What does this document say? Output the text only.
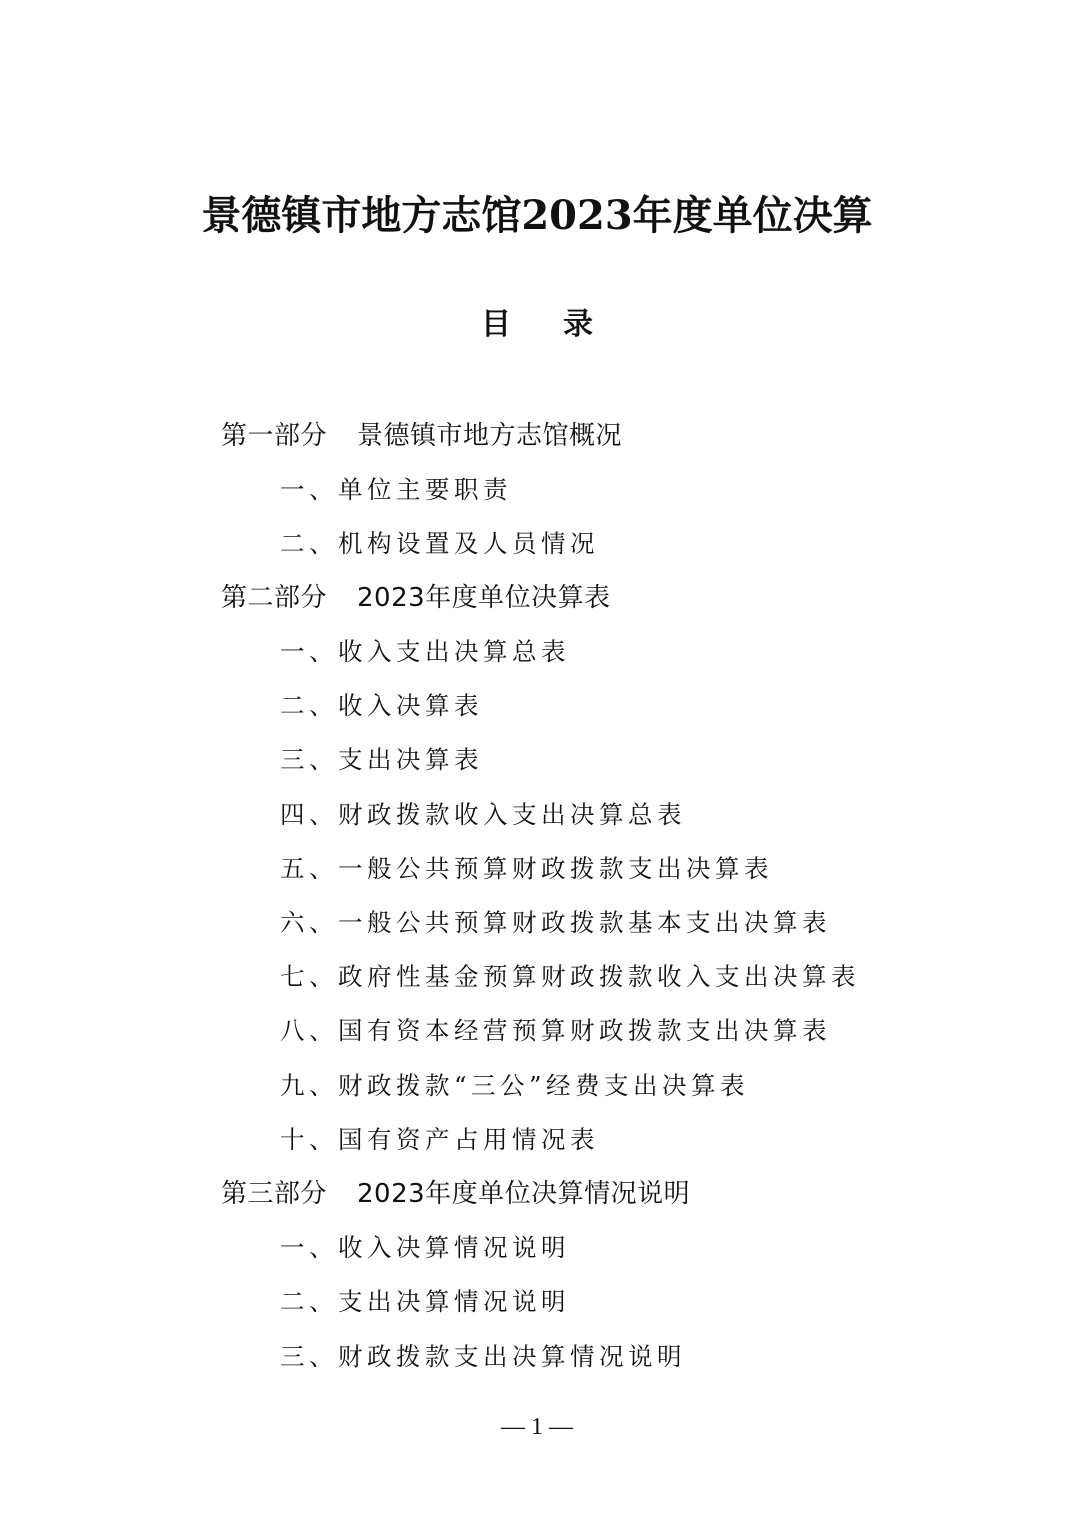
景德镇市地方志馆2023年度单位决算
目录
第一部分 景德镇市地方志馆概况
一、单位主要职责
二、机构设置及人员情况
第二部分 2023年度单位决算表
一、收入支出决算总表
二、收入决算表
三、支出决算表
四、财政拨款收入支出决算总表
五、一般公共预算财政拨款支出决算表
六、一般公共预算财政拨款基本支出决算表
七、政府性基金预算财政拨款收入支出决算表
八、国有资本经营预算财政拨款支出决算表
九、财政拨款“三公”经费支出决算表
十、国有资产占用情况表
第三部分 2023年度单位决算情况说明
一、收入决算情况说明
二、支出决算情况说明
三、财政拨款支出决算情况说明
— 1 —
